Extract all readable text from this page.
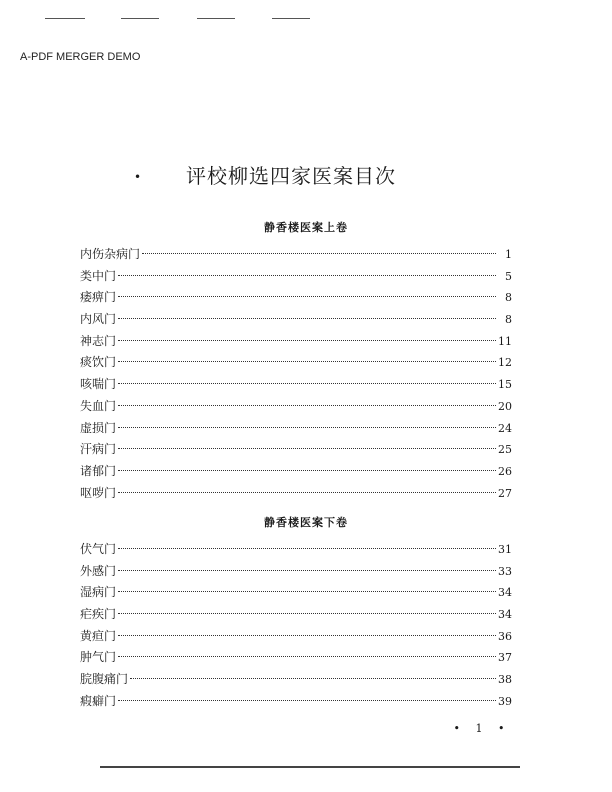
A-PDF MERGER DEMO
• 评校柳选四家医案目次
静香楼医案上卷
内伤杂病门	1
类中门	5
痿痹门	8
内风门	8
神志门	11
痰饮门	12
咳喘门	15
失血门	20
虚损门	24
汗病门	25
诸郁门	26
呕哕门	27
静香楼医案下卷
伏气门	31
外感门	33
湿病门	34
疟疾门	34
黄疸门	36
肿气门	37
脘腹痛门	38
瘕癖门	39
• 1 •
